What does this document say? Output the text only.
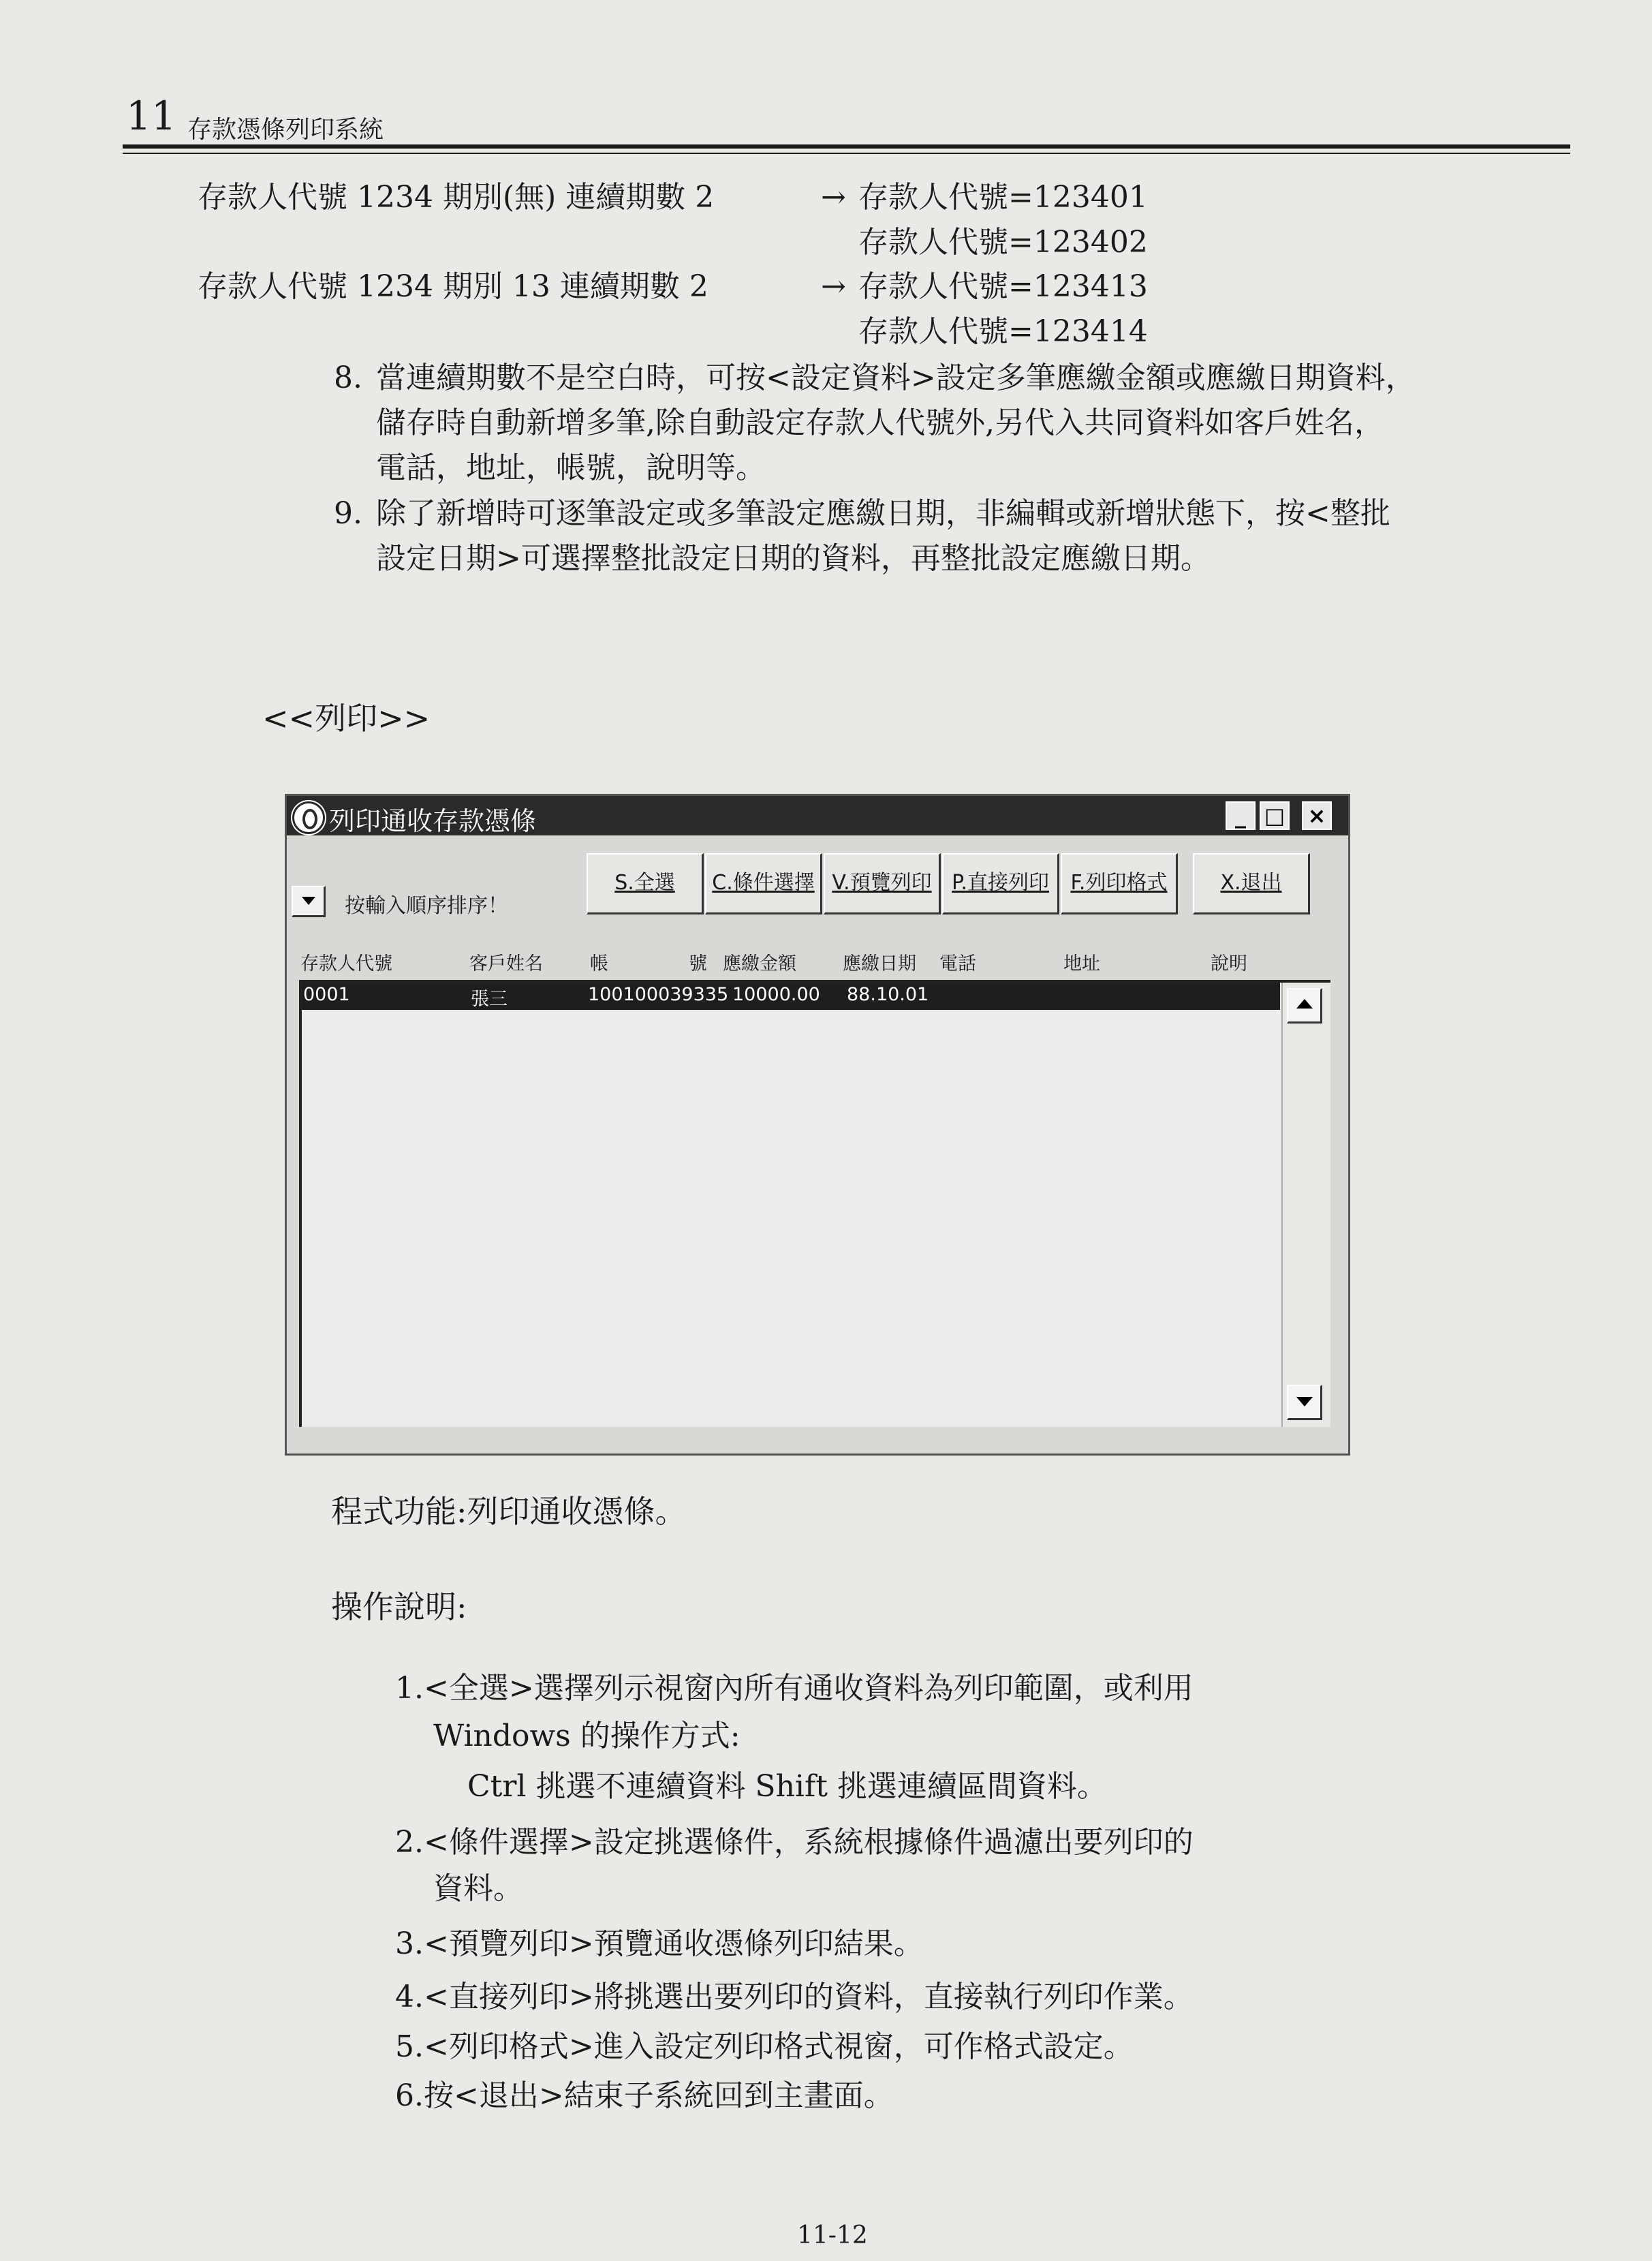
11 存款憑條列印系統
存款人代號 1234 期別(無) 連續期數 2	→ 存款人代號=123401
存款人代號=123402
存款人代號 1234 期別 13 連續期數 2	→ 存款人代號=123413
存款人代號=123414
8. 當連續期數不是空白時，可按<設定資料>設定多筆應繳金額或應繳日期資料，
儲存時自動新增多筆,除自動設定存款人代號外,另代入共同資料如客戶姓名，
電話，地址，帳號，說明等。
9. 除了新增時可逐筆設定或多筆設定應繳日期，非編輯或新增狀態下，按<整批
設定日期>可選擇整批設定日期的資料，再整批設定應繳日期。
<<列印>>
列印通收存款憑條	_ □ ×
S.全選	C.條件選擇 V.預覽列印 P.直接列印	F.列印格式	X.退出
按輸入順序排序！
存款人代號	客戶姓名	帳	號 應繳金額	應繳日期 電話	地址	說明
0001	張三	100100039335 10000.00 88.10.01
程式功能:列印通收憑條。
操作說明:
1.<全選>選擇列示視窗內所有通收資料為列印範圍，或利用
Windows 的操作方式:
Ctrl 挑選不連續資料 Shift 挑選連續區間資料。
2.<條件選擇>設定挑選條件，系統根據條件過濾出要列印的
資料。
3.<預覽列印>預覽通收憑條列印結果。
4.<直接列印>將挑選出要列印的資料，直接執行列印作業。
5.<列印格式>進入設定列印格式視窗，可作格式設定。
6.按<退出>結束子系統回到主畫面。
11-12
